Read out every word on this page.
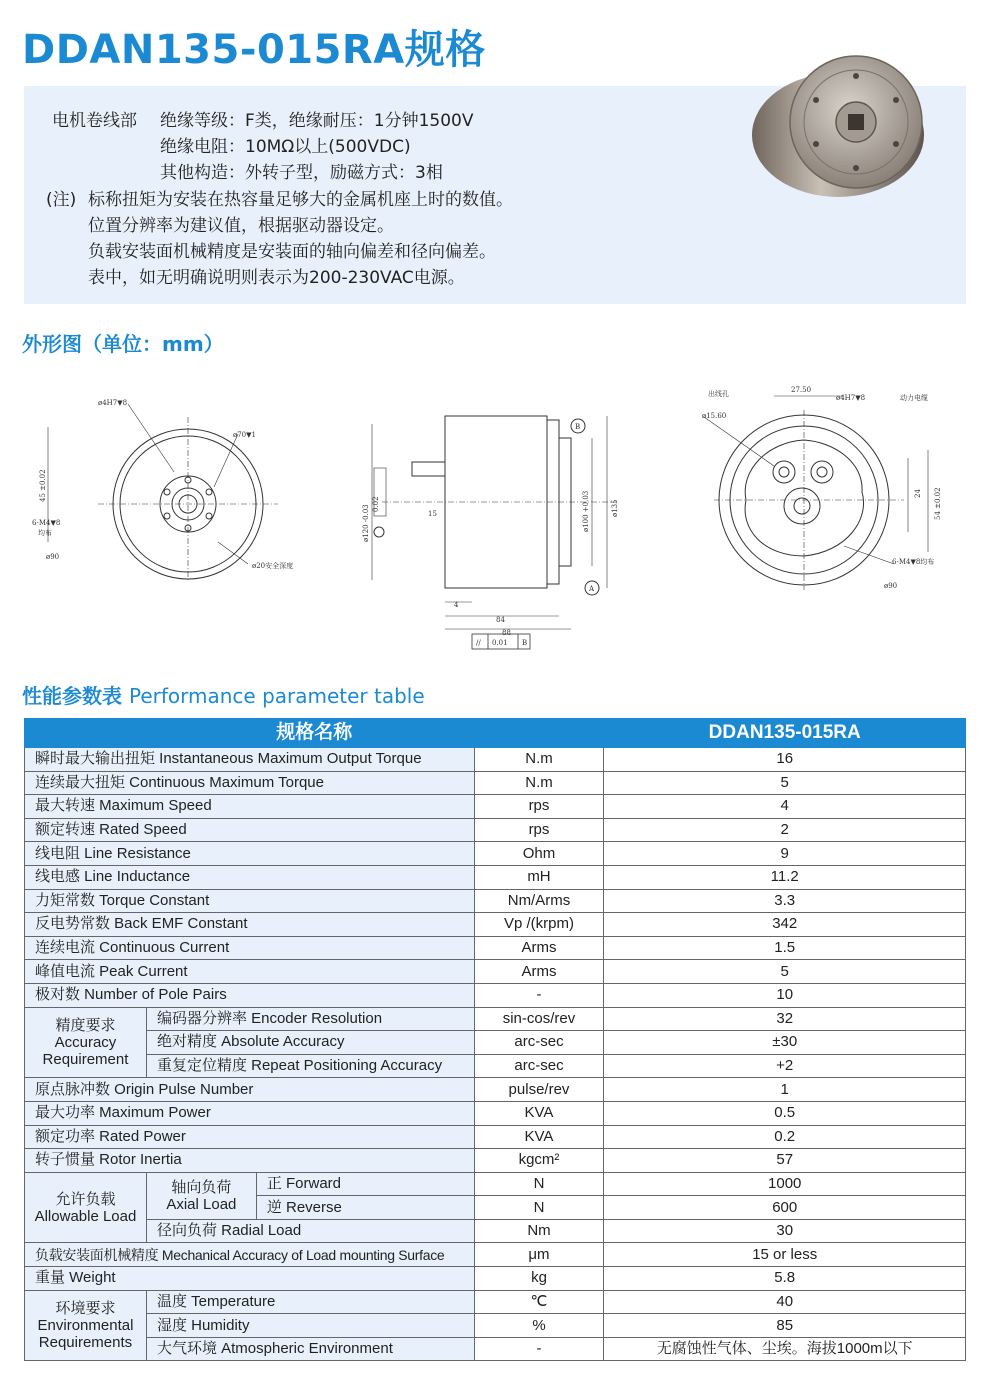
DDAN135-015RA规格
电机卷线部 绝缘等级：F类，绝缘耐压：1分钟1500V
绝缘电阻：10MΩ以上(500VDC)
其他构造：外转子型，励磁方式：3相
(注) 标称扭矩为安装在热容量足够大的金属机座上时的数值。
位置分辨率为建议值，根据驱动器设定。
负载安装面机械精度是安装面的轴向偏差和径向偏差。
表中，如无明确说明则表示为200-230VAC电源。
外形图（单位：mm）
ø4H7▼8
ø70▼1
45 ±0.02
6-M4▼8
均布
ø90
ø20安全深度
B
A
0.02
ø120 -0.03	ø100 +0.03	ø135
15
4
84
88
// 0.01 B
27.50
出线孔
ø15.60
ø4H7▼8	动力电缆
24 54 ±0.02
6-M4▼8均布
ø90
性能参数表 Performance parameter table
规格名称				DDAN135-015RA
瞬时最大输出扭矩 Instantaneous Maximum Output Torque			N.m	16
连续最大扭矩 Continuous Maximum Torque			N.m	5
最大转速 Maximum Speed			rps	4
额定转速 Rated Speed			rps	2
线电阻 Line Resistance			Ohm	9
线电感 Line Inductance			mH	11.2
力矩常数 Torque Constant			Nm/Arms	3.3
反电势常数 Back EMF Constant			Vp /(krpm)	342
连续电流 Continuous Current			Arms	1.5
峰值电流 Peak Current			Arms	5
极对数 Number of Pole Pairs			-	10
精度要求
Accuracy
Requirement	编码器分辨率 Encoder Resolution		sin-cos/rev	32
	绝对精度 Absolute Accuracy		arc-sec	±30
	重复定位精度 Repeat Positioning Accuracy		arc-sec	+2
原点脉冲数 Origin Pulse Number			pulse/rev	1
最大功率 Maximum Power			KVA	0.5
额定功率 Rated Power			KVA	0.2
转子惯量 Rotor Inertia			kgcm²	57
允许负载
Allowable Load	轴向负荷
Axial Load	正 Forward	N	1000
		逆 Reverse	N	600
	径向负荷 Radial Load		Nm	30
负载安装面机械精度 Mechanical Accuracy of Load mounting Surface			μm	15 or less
重量 Weight			kg	5.8
环境要求
Environmental
Requirements	温度 Temperature		℃	40
	湿度 Humidity		%	85
	大气环境 Atmospheric Environment		-	无腐蚀性气体、尘埃。海拔1000m以下
